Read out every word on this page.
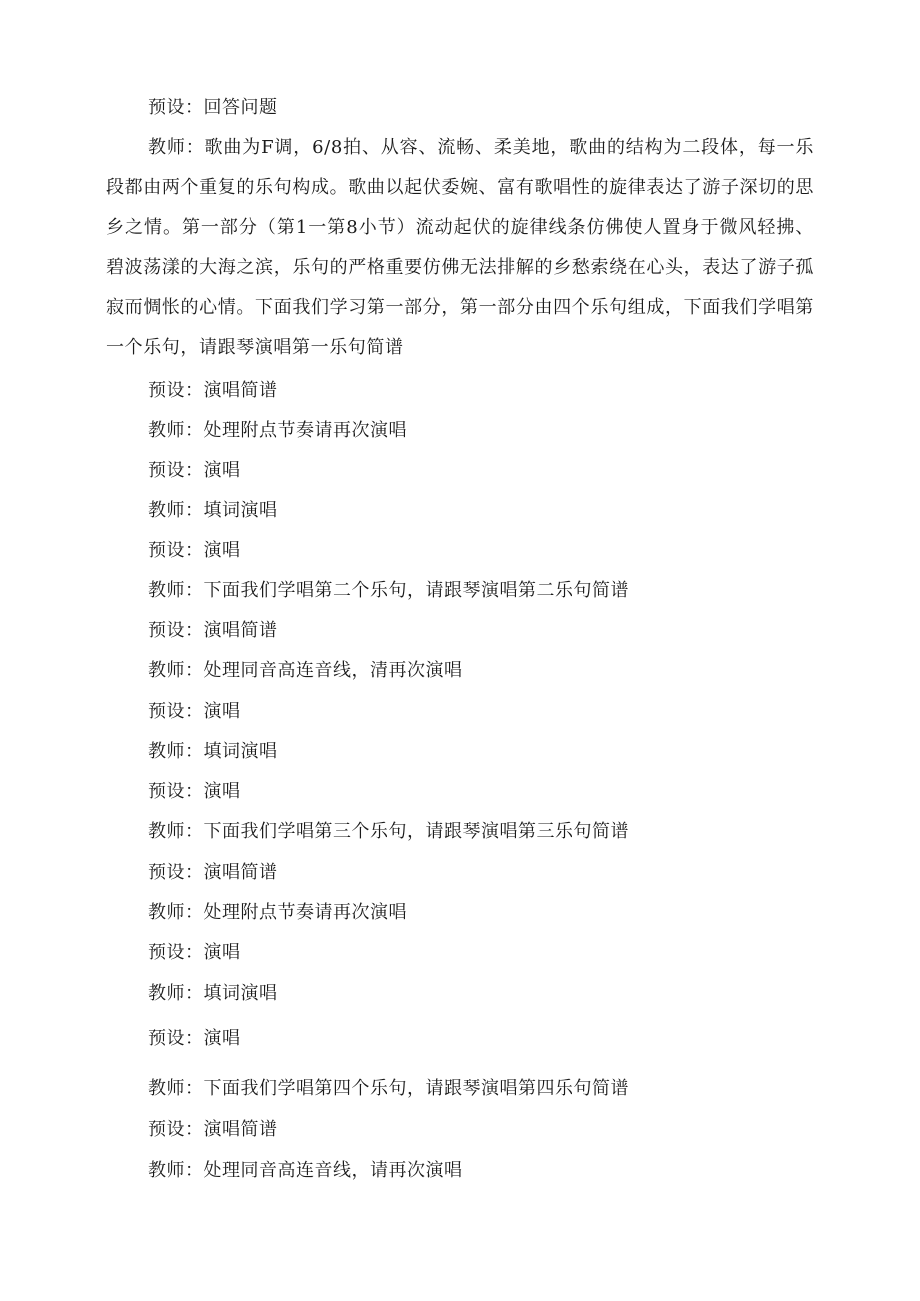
预设：回答问题
教师：歌曲为F调，6/8拍、从容、流畅、柔美地，歌曲的结构为二段体，每一乐段都由两个重复的乐句构成。歌曲以起伏委婉、富有歌唱性的旋律表达了游子深切的思乡之情。第一部分（第1一第8小节）流动起伏的旋律线条仿佛使人置身于微风轻拂、碧波荡漾的大海之滨，乐句的严格重要仿佛无法排解的乡愁索绕在心头，表达了游子孤寂而惆怅的心情。下面我们学习第一部分，第一部分由四个乐句组成，下面我们学唱第一个乐句，请跟琴演唱第一乐句简谱
预设：演唱简谱
教师：处理附点节奏请再次演唱
预设：演唱
教师：填词演唱
预设：演唱
教师：下面我们学唱第二个乐句，请跟琴演唱第二乐句简谱
预设：演唱简谱
教师：处理同音高连音线，清再次演唱
预设：演唱
教师：填词演唱
预设：演唱
教师：下面我们学唱第三个乐句，请跟琴演唱第三乐句简谱
预设：演唱简谱
教师：处理附点节奏请再次演唱
预设：演唱
教师：填词演唱
预设：演唱
教师：下面我们学唱第四个乐句，请跟琴演唱第四乐句简谱
预设：演唱简谱
教师：处理同音高连音线，请再次演唱
